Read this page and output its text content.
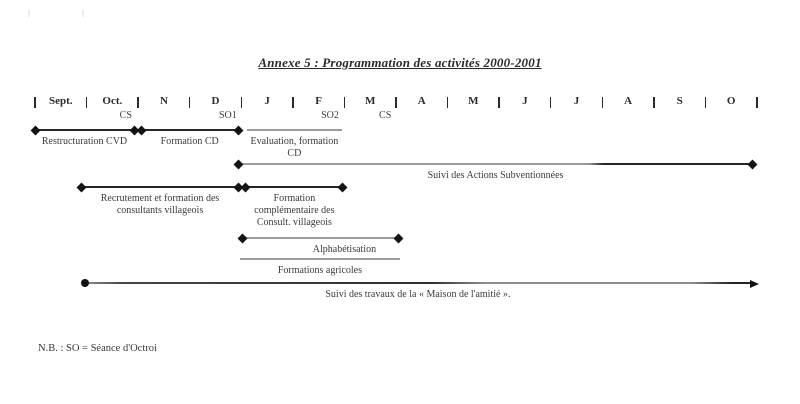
Annexe 5 : Programmation des activités 2000-2001
Sept.	Oct.	N	D	J	F	M	A	M	J	J	A	S	O
CS	SO1	SO2	CS
Restructuration CVD	Formation CD	Evaluation, formation
CD
Suivi des Actions Subventionnées
Recrutement et formation des
consultants villageois
Formation
complémentaire des
Consult. villageois
Alphabétisation
Formations agricoles
Suivi des travaux de la « Maison de l'amitié ».
N.B. : SO = Séance d'Octroi
